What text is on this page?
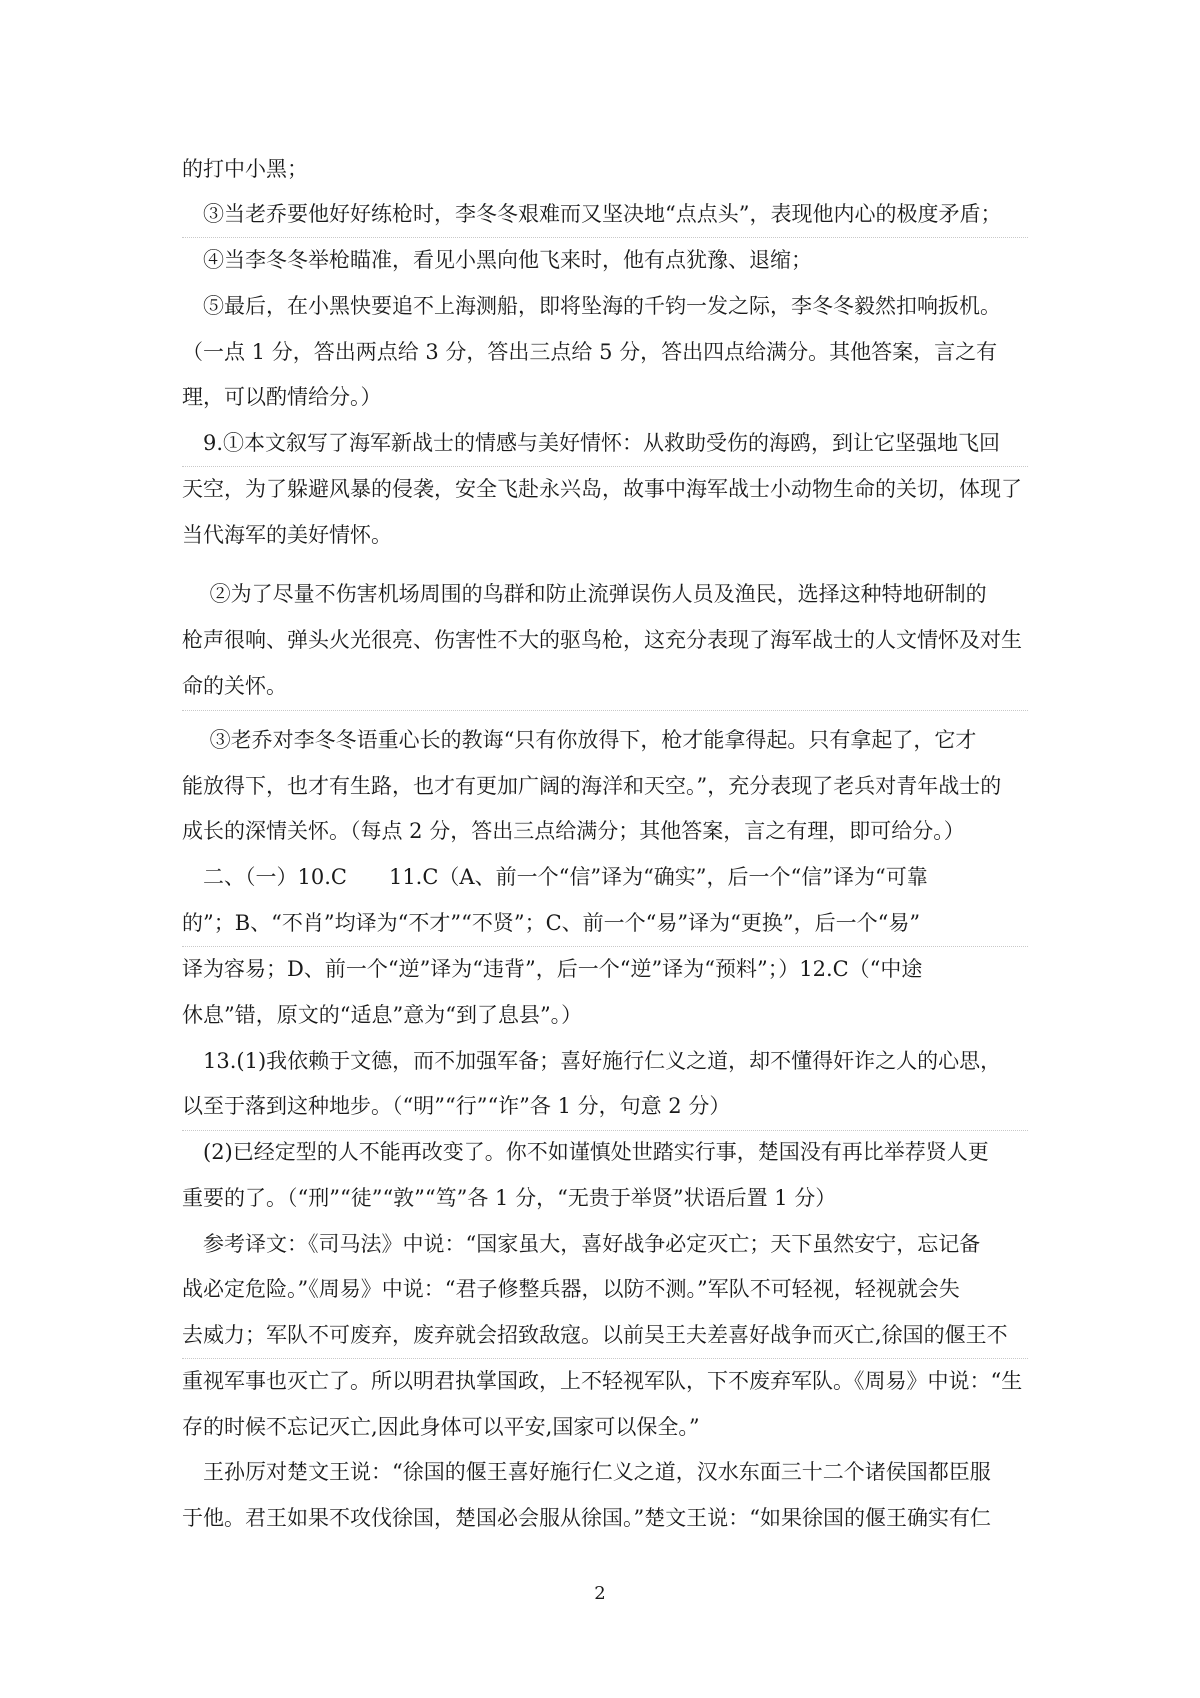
的打中小黑；
　③当老乔要他好好练枪时，李冬冬艰难而又坚决地“点点头”，表现他内心的极度矛盾；
　④当李冬冬举枪瞄准，看见小黑向他飞来时，他有点犹豫、退缩；
　⑤最后，在小黑快要追不上海测船，即将坠海的千钧一发之际，李冬冬毅然扣响扳机。
（一点 1 分，答出两点给 3 分，答出三点给 5 分，答出四点给满分。其他答案，言之有
理，可以酌情给分。）
　9.①本文叙写了海军新战士的情感与美好情怀：从救助受伤的海鸥，到让它坚强地飞回
天空，为了躲避风暴的侵袭，安全飞赴永兴岛，故事中海军战士小动物生命的关切，体现了
当代海军的美好情怀。
　 ②为了尽量不伤害机场周围的鸟群和防止流弹误伤人员及渔民，选择这种特地研制的
枪声很响、弹头火光很亮、伤害性不大的驱鸟枪，这充分表现了海军战士的人文情怀及对生
命的关怀。
　 ③老乔对李冬冬语重心长的教诲“只有你放得下，枪才能拿得起。只有拿起了，它才
能放得下，也才有生路，也才有更加广阔的海洋和天空。”，充分表现了老兵对青年战士的
成长的深情关怀。（每点 2 分，答出三点给满分；其他答案，言之有理，即可给分。）
　二、（一）10.C　　11.C（A、前一个“信”译为“确实”，后一个“信”译为“可靠
的”；B、“不肖”均译为“不才”“不贤”；C、前一个“易”译为“更换”，后一个“易”
译为容易；D、前一个“逆”译为“违背”，后一个“逆”译为“预料”；）12.C（“中途
休息”错，原文的“适息”意为“到了息县”。）
　13.(1)我依赖于文德，而不加强军备；喜好施行仁义之道，却不懂得奸诈之人的心思，
以至于落到这种地步。（“明”“行”“诈”各 1 分，句意 2 分）
　(2)已经定型的人不能再改变了。你不如谨慎处世踏实行事，楚国没有再比举荐贤人更
重要的了。（“刑”“徒”“敦”“笃”各 1 分，“无贵于举贤”状语后置 1 分）
　参考译文：《司马法》中说：“国家虽大，喜好战争必定灭亡；天下虽然安宁，忘记备
战必定危险。”《周易》中说：“君子修整兵器，以防不测。”军队不可轻视，轻视就会失
去威力；军队不可废弃，废弃就会招致敌寇。以前吴王夫差喜好战争而灭亡,徐国的偃王不
重视军事也灭亡了。所以明君执掌国政，上不轻视军队，下不废弃军队。《周易》中说：“生
存的时候不忘记灭亡,因此身体可以平安,国家可以保全。”
　王孙厉对楚文王说：“徐国的偃王喜好施行仁义之道，汉水东面三十二个诸侯国都臣服
于他。君王如果不攻伐徐国，楚国必会服从徐国。”楚文王说：“如果徐国的偃王确实有仁
2
